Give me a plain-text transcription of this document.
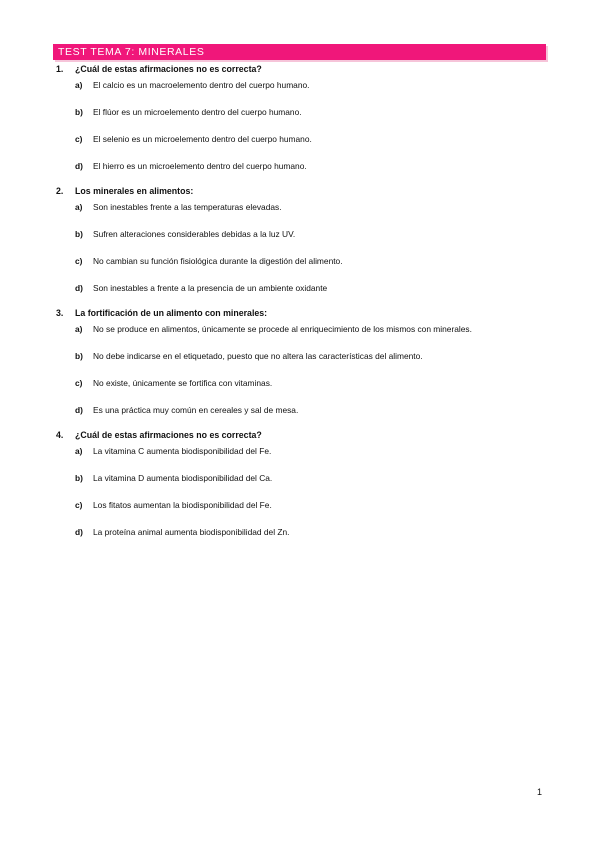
TEST TEMA 7: MINERALES
1.	¿Cuál de estas afirmaciones no es correcta?
a)	El calcio es un macroelemento dentro del cuerpo humano.
b)	El flúor es un microelemento dentro del cuerpo humano.
c)	El selenio es un microelemento dentro del cuerpo humano.
d)	El hierro es un microelemento dentro del cuerpo humano.
2.	Los minerales en alimentos:
a)	Son inestables frente a las temperaturas elevadas.
b)	Sufren alteraciones considerables debidas a la luz UV.
c)	No cambian su función fisiológica durante la digestión del alimento.
d)	Son inestables a frente a la presencia de un ambiente oxidante
3.	La fortificación de un alimento con minerales:
a)	No se produce en alimentos, únicamente se procede al enriquecimiento de los mismos con minerales.
b)	No debe indicarse en el etiquetado, puesto que no altera las características del alimento.
c)	No existe, únicamente se fortifica con vitaminas.
d)	Es una práctica muy común en cereales y sal de mesa.
4.	¿Cuál de estas afirmaciones no es correcta?
a)	La vitamina C aumenta biodisponibilidad del Fe.
b)	La vitamina D aumenta biodisponibilidad del Ca.
c)	Los fitatos aumentan la biodisponibilidad del Fe.
d)	La proteína animal aumenta biodisponibilidad del Zn.
1
